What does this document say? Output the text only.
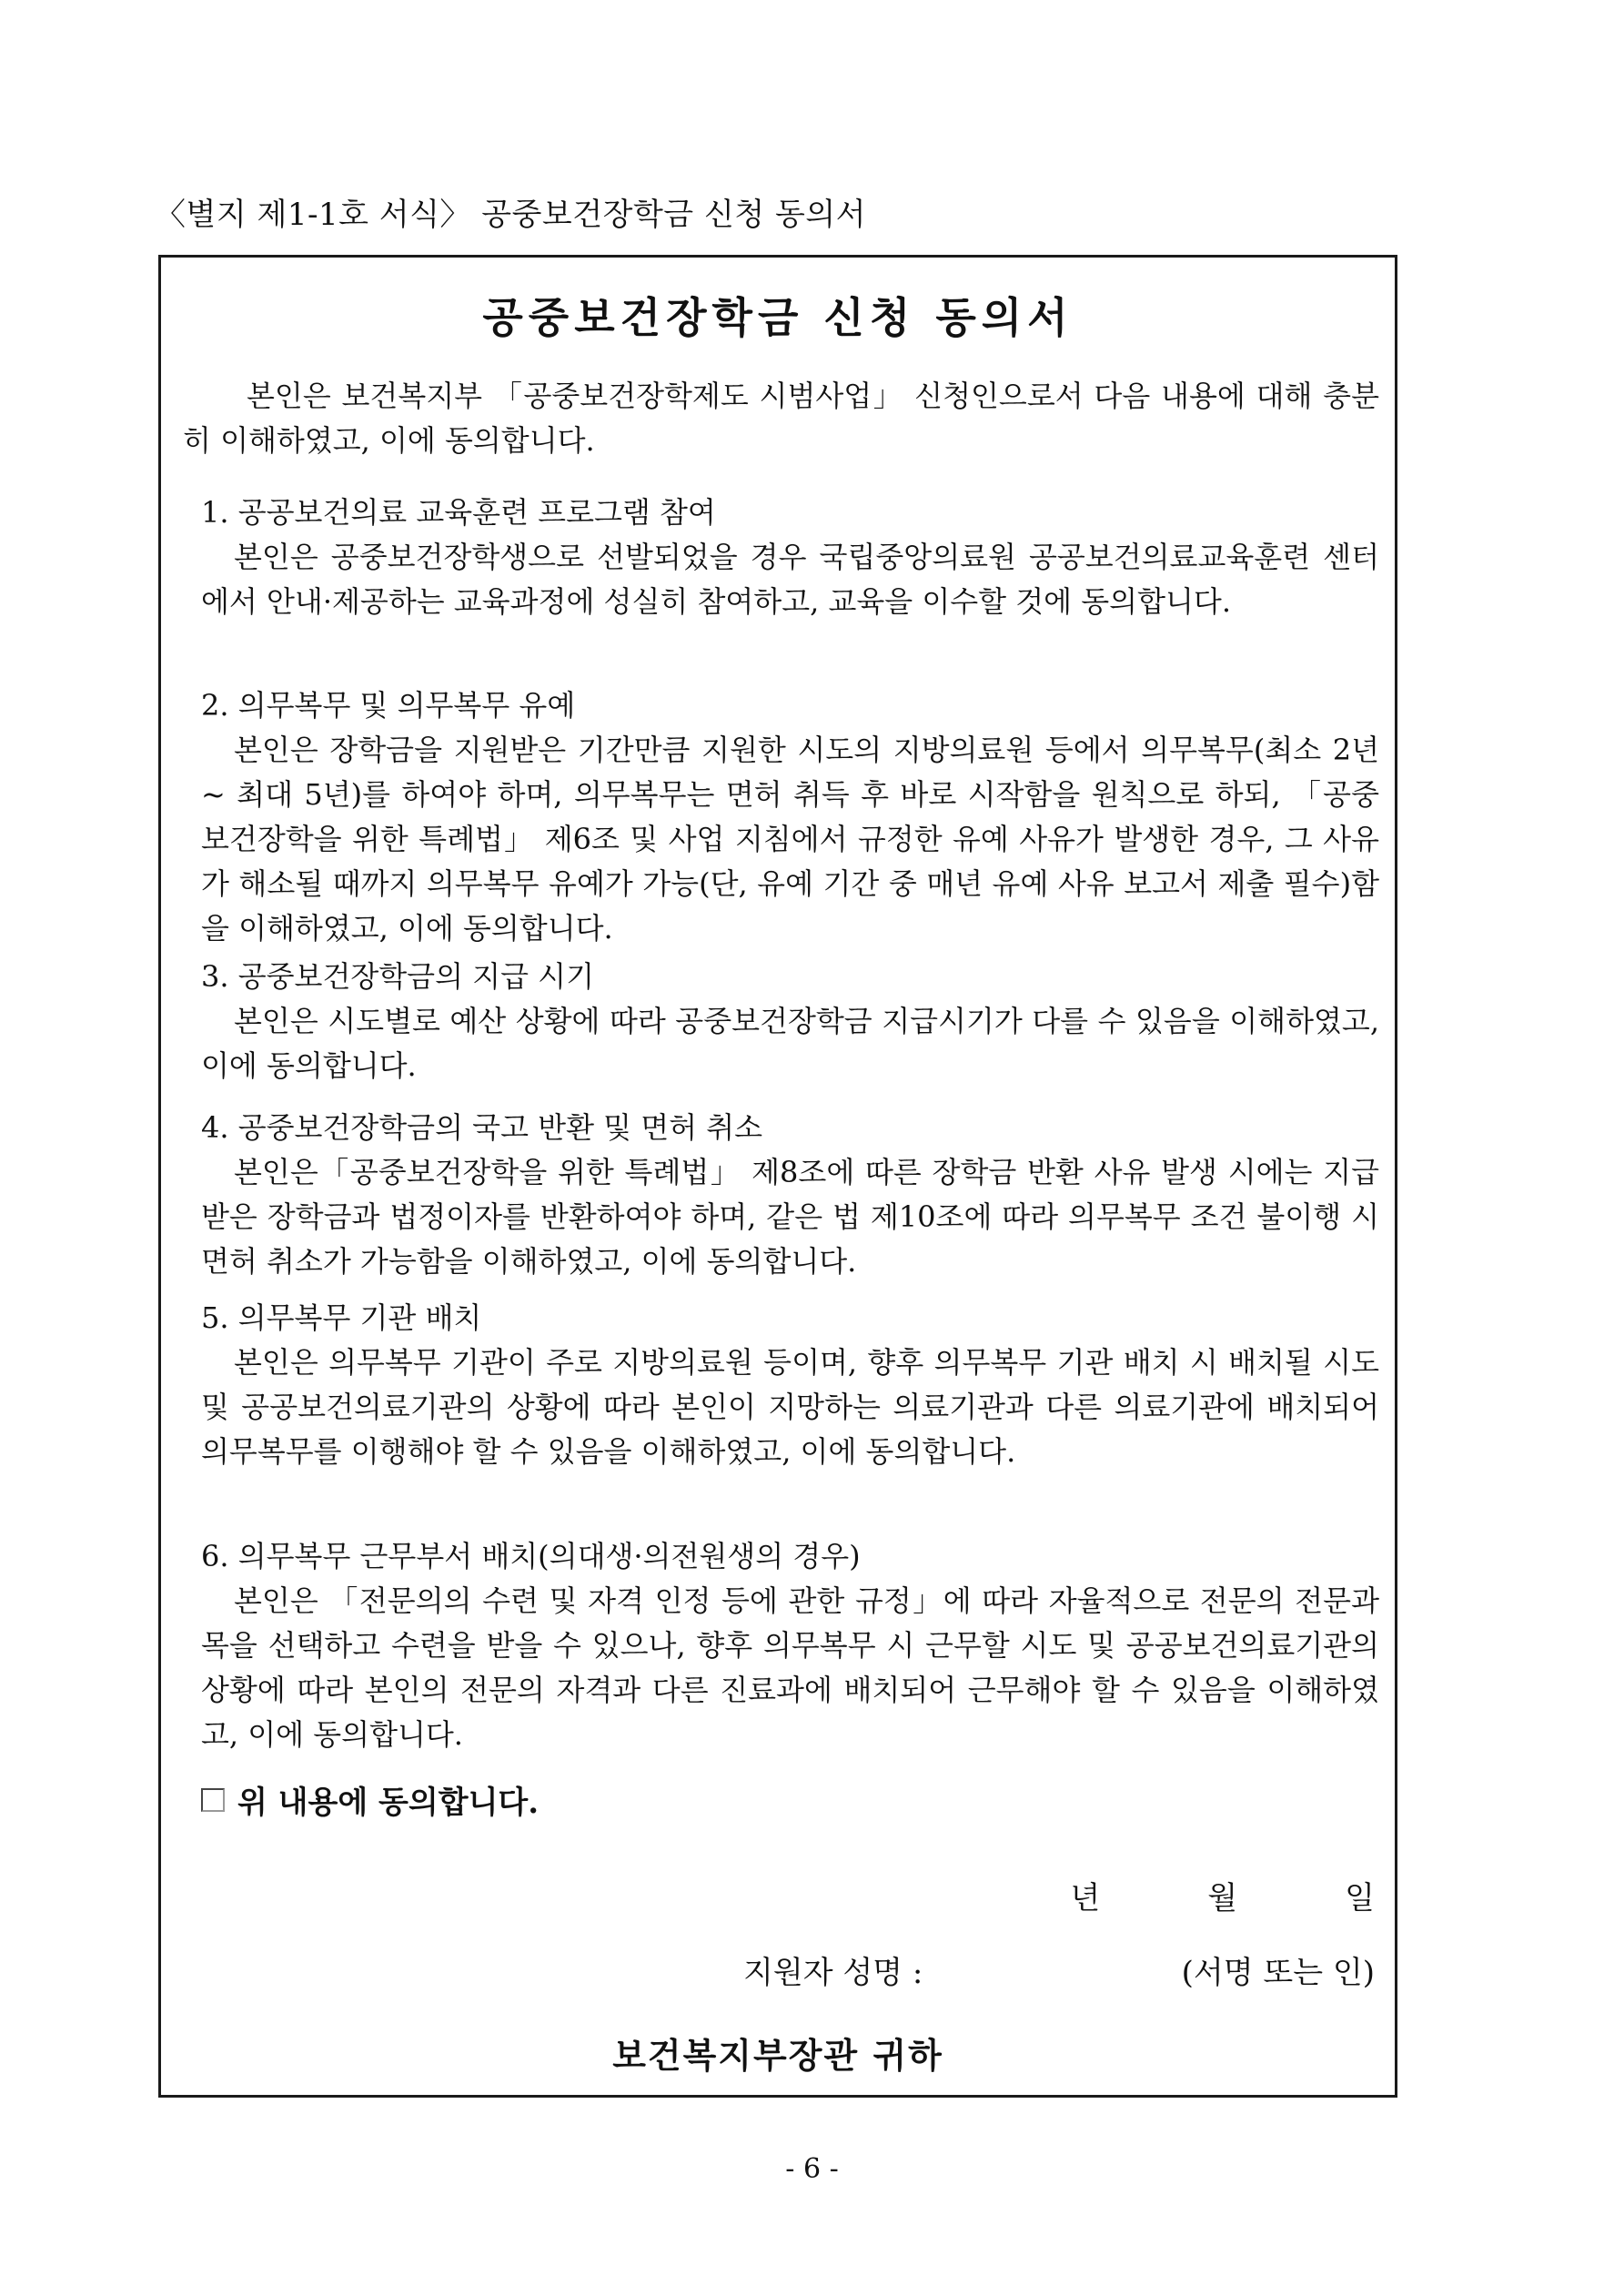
〈별지 제1-1호 서식〉 공중보건장학금 신청 동의서
공중보건장학금 신청 동의서
본인은 보건복지부 「공중보건장학제도 시범사업」 신청인으로서 다음 내용에 대해 충분히 이해하였고, 이에 동의합니다.
1. 공공보건의료 교육훈련 프로그램 참여
본인은 공중보건장학생으로 선발되었을 경우 국립중앙의료원 공공보건의료교육훈련 센터에서 안내·제공하는 교육과정에 성실히 참여하고, 교육을 이수할 것에 동의합니다.
2. 의무복무 및 의무복무 유예
본인은 장학금을 지원받은 기간만큼 지원한 시도의 지방의료원 등에서 의무복무(최소 2년 ~ 최대 5년)를 하여야 하며, 의무복무는 면허 취득 후 바로 시작함을 원칙으로 하되, 「공중보건장학을 위한 특례법」 제6조 및 사업 지침에서 규정한 유예 사유가 발생한 경우, 그 사유가 해소될 때까지 의무복무 유예가 가능(단, 유예 기간 중 매년 유예 사유 보고서 제출 필수)함을 이해하였고, 이에 동의합니다.
3. 공중보건장학금의 지급 시기
본인은 시도별로 예산 상황에 따라 공중보건장학금 지급시기가 다를 수 있음을 이해하였고, 이에 동의합니다.
4. 공중보건장학금의 국고 반환 및 면허 취소
본인은「공중보건장학을 위한 특례법」 제8조에 따른 장학금 반환 사유 발생 시에는 지급받은 장학금과 법정이자를 반환하여야 하며, 같은 법 제10조에 따라 의무복무 조건 불이행 시 면허 취소가 가능함을 이해하였고, 이에 동의합니다.
5. 의무복무 기관 배치
본인은 의무복무 기관이 주로 지방의료원 등이며, 향후 의무복무 기관 배치 시 배치될 시도 및 공공보건의료기관의 상황에 따라 본인이 지망하는 의료기관과 다른 의료기관에 배치되어 의무복무를 이행해야 할 수 있음을 이해하였고, 이에 동의합니다.
6. 의무복무 근무부서 배치(의대생·의전원생의 경우)
본인은 「전문의의 수련 및 자격 인정 등에 관한 규정」에 따라 자율적으로 전문의 전문과목을 선택하고 수련을 받을 수 있으나, 향후 의무복무 시 근무할 시도 및 공공보건의료기관의 상황에 따라 본인의 전문의 자격과 다른 진료과에 배치되어 근무해야 할 수 있음을 이해하였고, 이에 동의합니다.
위 내용에 동의합니다.
년	월	일
지원자 성명 :	(서명 또는 인)
보건복지부장관 귀하
- 6 -
